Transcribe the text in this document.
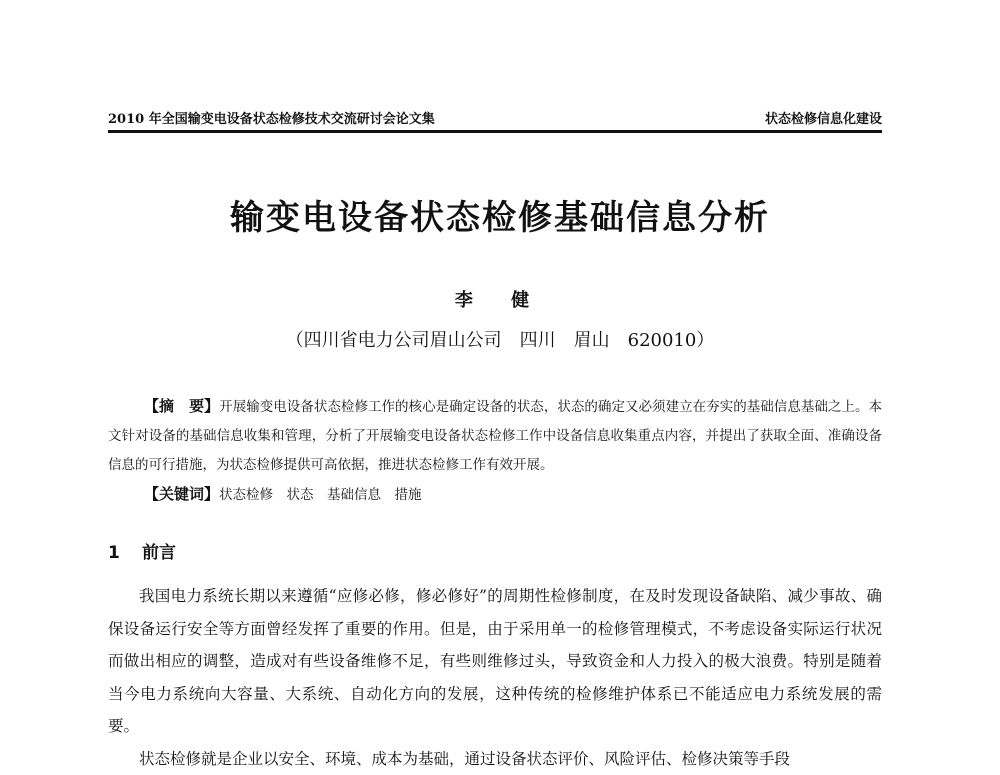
2010 年全国输变电设备状态检修技术交流研讨会论文集	状态检修信息化建设
输变电设备状态检修基础信息分析
李 健
（四川省电力公司眉山公司　四川　眉山　620010）
【摘　要】开展输变电设备状态检修工作的核心是确定设备的状态，状态的确定又必须建立在夯实的基础信息基础之上。本文针对设备的基础信息收集和管理，分析了开展输变电设备状态检修工作中设备信息收集重点内容，并提出了获取全面、准确设备信息的可行措施，为状态检修提供可高依据，推进状态检修工作有效开展。
【关键词】状态检修　状态　基础信息　措施
1 前言

我国电力系统长期以来遵循“应修必修，修必修好”的周期性检修制度，在及时发现设备缺陷、减少事故、确保设备运行安全等方面曾经发挥了重要的作用。但是，由于采用单一的检修管理模式，不考虑设备实际运行状况而做出相应的调整，造成对有些设备维修不足，有些则维修过头，导致资金和人力投入的极大浪费。特别是随着当今电力系统向大容量、大系统、自动化方向的发展，这种传统的检修维护体系已不能适应电力系统发展的需要。

状态检修就是企业以安全、环境、成本为基础，通过设备状态评价、风险评估、检修决策等手段
